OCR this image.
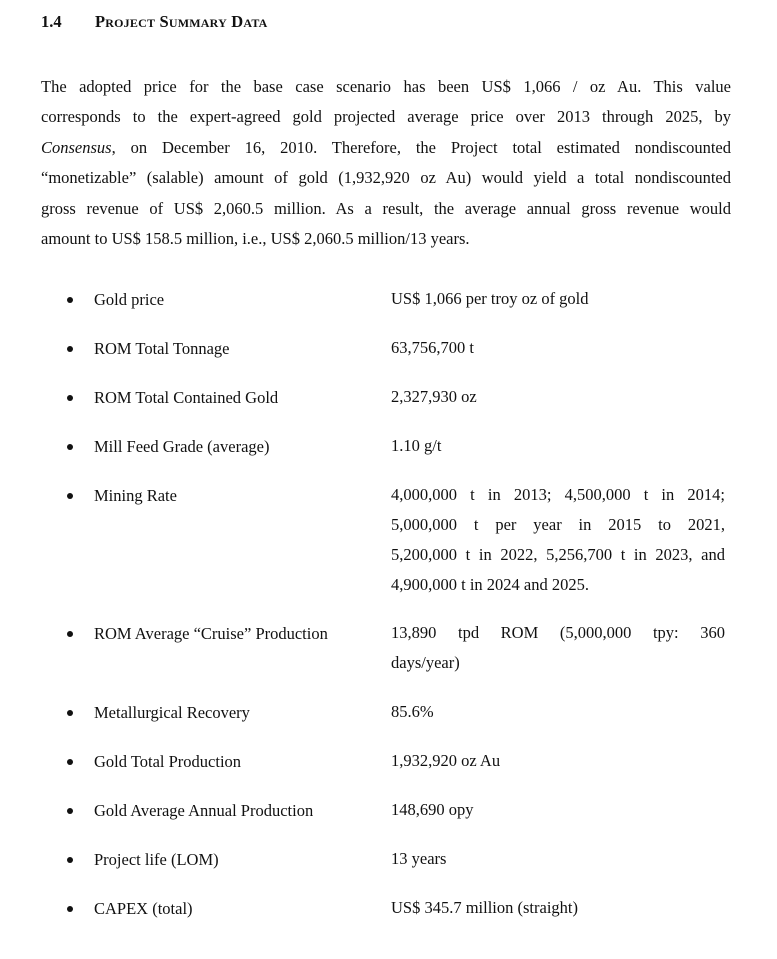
1.4 Project Summary Data
The adopted price for the base case scenario has been US$ 1,066 / oz Au. This value
corresponds to the expert-agreed gold projected average price over 2013 through 2025, by
Consensus, on December 16, 2010. Therefore, the Project total estimated nondiscounted
“monetizable” (salable) amount of gold (1,932,920 oz Au) would yield a total nondiscounted
gross revenue of US$ 2,060.5 million. As a result, the average annual gross revenue would
amount to US$ 158.5 million, i.e., US$ 2,060.5 million/13 years.
Gold price	US$ 1,066 per troy oz of gold
ROM Total Tonnage	63,756,700 t
ROM Total Contained Gold	2,327,930 oz
Mill Feed Grade (average)	1.10 g/t
Mining Rate	4,000,000 t in 2013; 4,500,000 t in 2014;
5,000,000 t per year in 2015 to 2021,
5,200,000 t in 2022, 5,256,700 t in 2023, and
4,900,000 t in 2024 and 2025.
ROM Average “Cruise” Production	13,890 tpd ROM (5,000,000 tpy: 360
days/year)
Metallurgical Recovery	85.6%
Gold Total Production	1,932,920 oz Au
Gold Average Annual Production	148,690 opy
Project life (LOM)	13 years
CAPEX (total)	US$ 345.7 million (straight)
